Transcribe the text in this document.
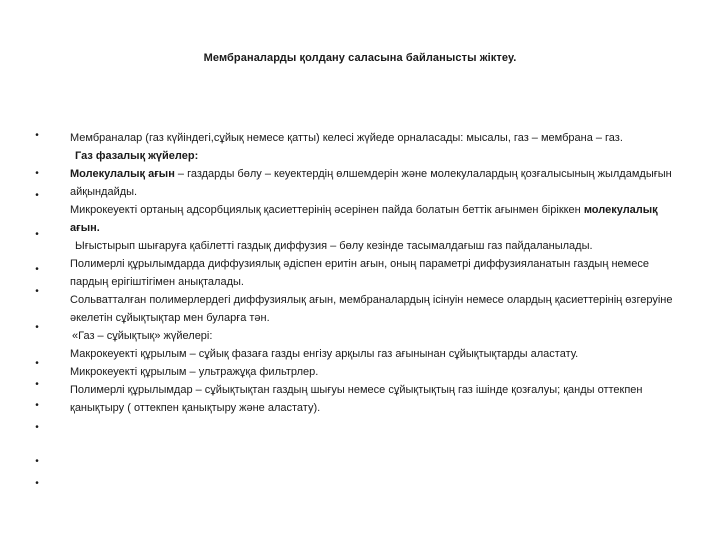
Мембраналарды қолдану саласына байланысты жіктеу.
•
•
•
•
•
•
•
•
•
•
•
•
•

Мембраналар (газ күйіндегі,сұйық немесе қатты) келесі жүйеде орналасады: мысалы, газ – мембрана – газ.

Газ фазалық жүйелер:

Молекулалық ағын – газдарды бөлу – кеуектердің өлшемдерін және молекулалардың қозғалысының жылдамдығын айқындайды.

Микрокеуекті ортаның адсорбциялық қасиеттерінің әсерінен пайда болатын беттік ағынмен біріккен молекулалық ағын.

Ығыстырып шығаруға қабілетті газдық диффузия – бөлу кезінде тасымалдағыш газ пайдаланылады.

Полимерлі құрылымдарда диффузиялық әдіспен еритін ағын, оның параметрі диффузияланатын газдың немесе пардың ерігіштігімен анықталады.

Сольватталған полимерлердегі диффузиялық ағын, мембраналардың ісінуін немесе олардың қасиеттерінің өзгеруіне әкелетін сұйықтықтар мен буларға тән.

«Газ – сұйықтық» жүйелері:

Макрокеуекті құрылым – сұйық фазаға газды енгізу арқылы газ ағынынан сұйықтықтарды аластату.

Микрокеуекті құрылым – ультражұқа фильтрлер.

Полимерлі құрылымдар – сұйықтықтан газдың шығуы немесе сұйықтықтың газ ішінде қозғалуы; қанды оттекпен қанықтыру ( оттекпен қанықтыру және аластату).
